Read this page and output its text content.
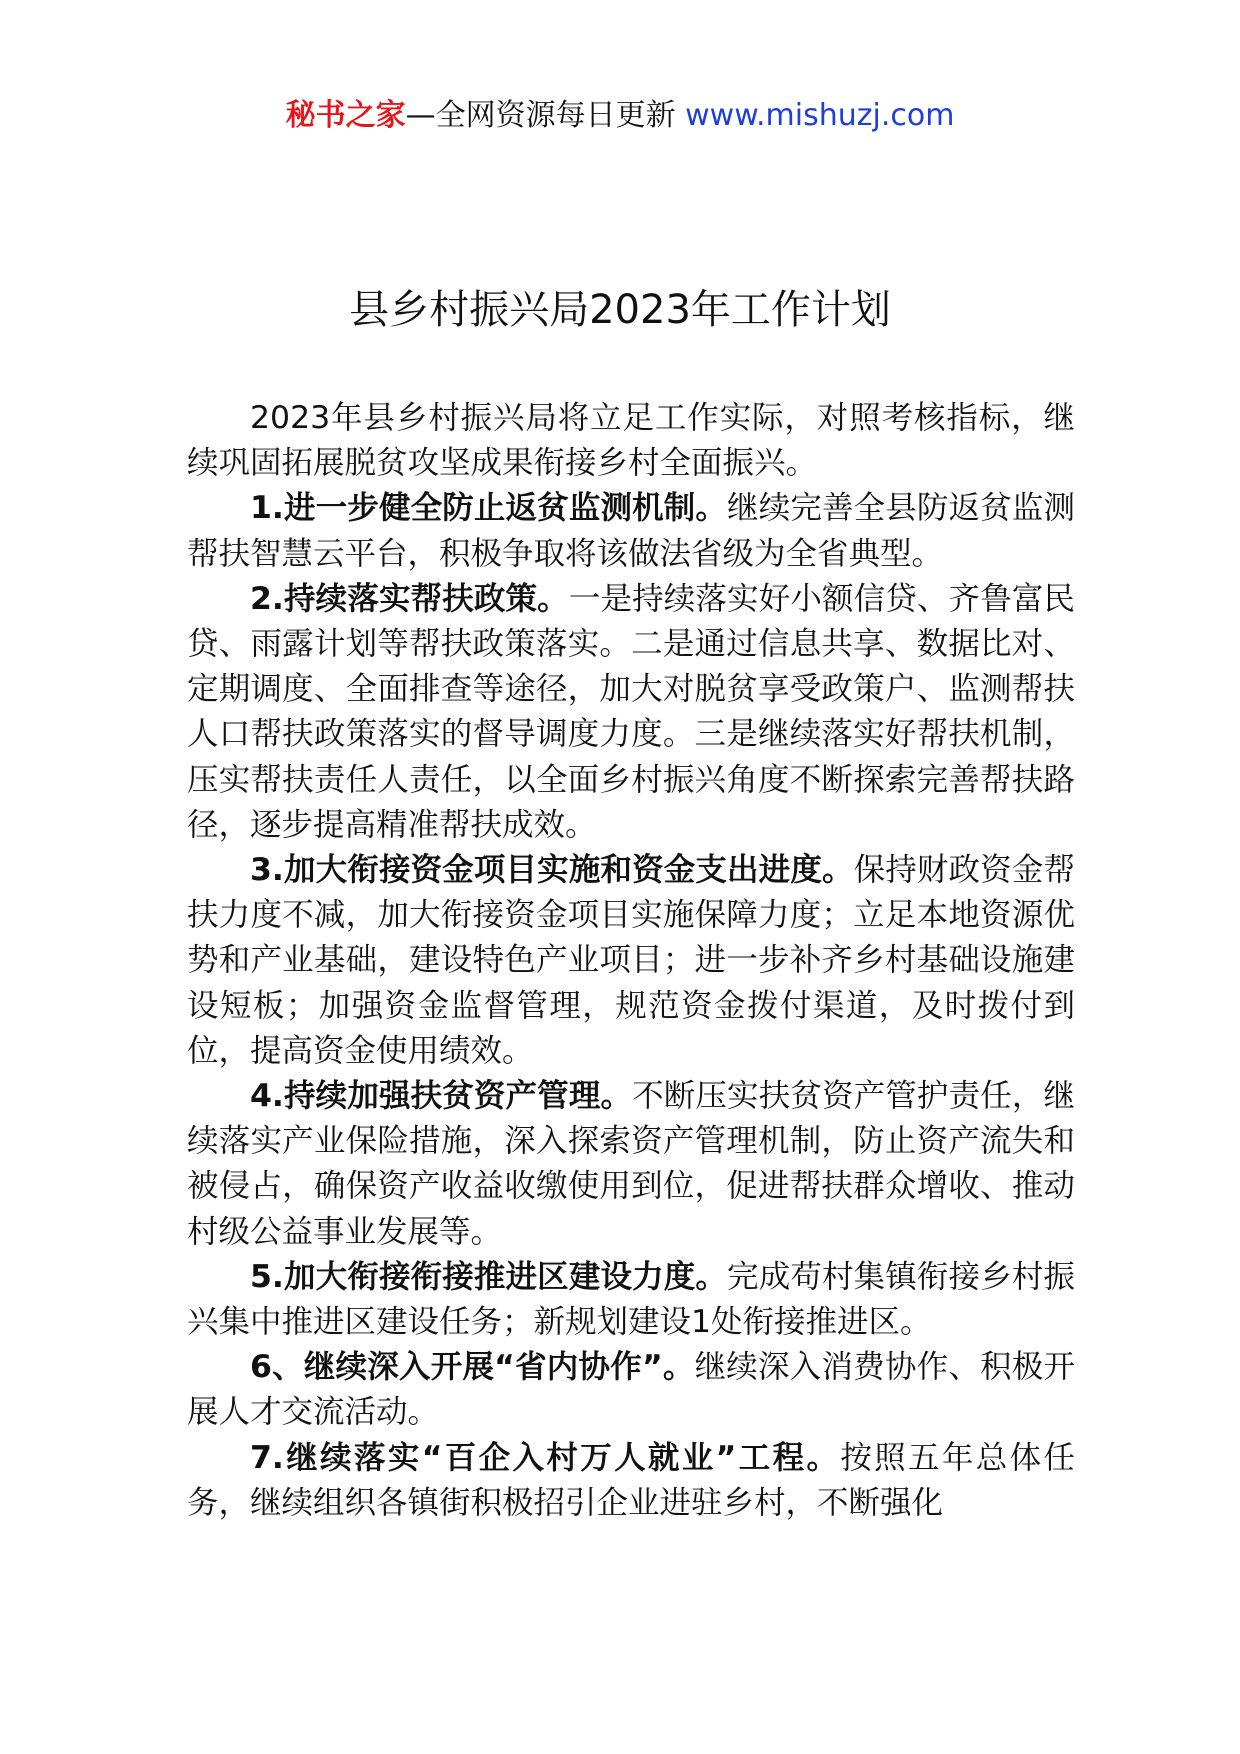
秘书之家—全网资源每日更新 www.mishuzj.com
县乡村振兴局2023年工作计划

2023年县乡村振兴局将立足工作实际，对照考核指标，继续巩固拓展脱贫攻坚成果衔接乡村全面振兴。

1.进一步健全防止返贫监测机制。继续完善全县防返贫监测帮扶智慧云平台，积极争取将该做法省级为全省典型。

2.持续落实帮扶政策。一是持续落实好小额信贷、齐鲁富民贷、雨露计划等帮扶政策落实。二是通过信息共享、数据比对、定期调度、全面排查等途径，加大对脱贫享受政策户、监测帮扶人口帮扶政策落实的督导调度力度。三是继续落实好帮扶机制，压实帮扶责任人责任，以全面乡村振兴角度不断探索完善帮扶路径，逐步提高精准帮扶成效。

3.加大衔接资金项目实施和资金支出进度。保持财政资金帮扶力度不减，加大衔接资金项目实施保障力度；立足本地资源优势和产业基础，建设特色产业项目；进一步补齐乡村基础设施建设短板；加强资金监督管理，规范资金拨付渠道，及时拨付到位，提高资金使用绩效。

4.持续加强扶贫资产管理。不断压实扶贫资产管护责任，继续落实产业保险措施，深入探索资产管理机制，防止资产流失和被侵占，确保资产收益收缴使用到位，促进帮扶群众增收、推动村级公益事业发展等。

5.加大衔接衔接推进区建设力度。完成苟村集镇衔接乡村振兴集中推进区建设任务；新规划建设1处衔接推进区。

6、继续深入开展“省内协作”。继续深入消费协作、积极开展人才交流活动。

7.继续落实“百企入村万人就业”工程。按照五年总体任务，继续组织各镇街积极招引企业进驻乡村，不断强化
